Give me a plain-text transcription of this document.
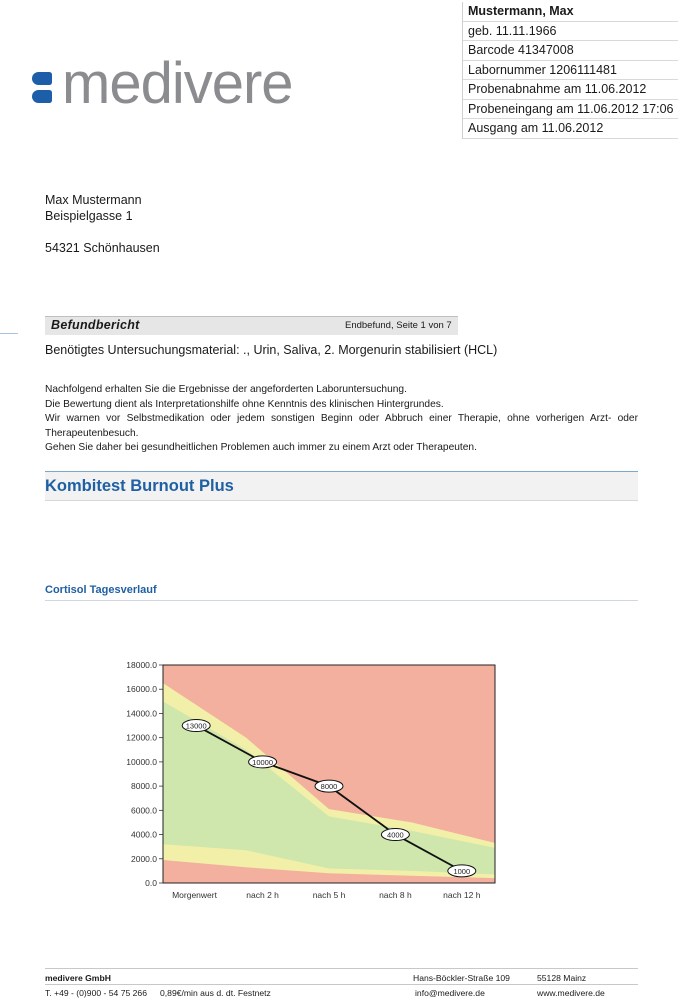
medivere
Mustermann, Max
geb. 11.11.1966
Barcode 41347008
Labornummer 1206111481
Probenabnahme am 11.06.2012
Probeneingang am 11.06.2012 17:06
Ausgang am 11.06.2012
Max Mustermann
Beispielgasse 1
54321 Schönhausen
Befundbericht	Endbefund, Seite 1 von 7
Benötigtes Untersuchungsmaterial: ., Urin, Saliva, 2. Morgenurin stabilisiert (HCL)
Nachfolgend erhalten Sie die Ergebnisse der angeforderten Laboruntersuchung.
Die Bewertung dient als Interpretationshilfe ohne Kenntnis des klinischen Hintergrundes.
Wir warnen vor Selbstmedikation oder jedem sonstigen Beginn oder Abbruch einer Therapie, ohne vorherigen Arzt- oder Therapeutenbesuch.
Gehen Sie daher bei gesundheitlichen Problemen auch immer zu einem Arzt oder Therapeuten.
Kombitest Burnout Plus
Cortisol Tagesverlauf
0.0
2000.0
4000.0
6000.0
8000.0
10000.0
12000.0
14000.0
16000.0
18000.0
Morgenwert	nach 2 h	nach 5 h	nach 8 h	nach 12 h
13000
10000
8000
4000
1000
medivere GmbH	Hans-Böckler-Straße 109	55128 Mainz
T. +49 - (0)900 - 54 75 266 0,89€/min aus d. dt. Festnetz	info@medivere.de	www.medivere.de
